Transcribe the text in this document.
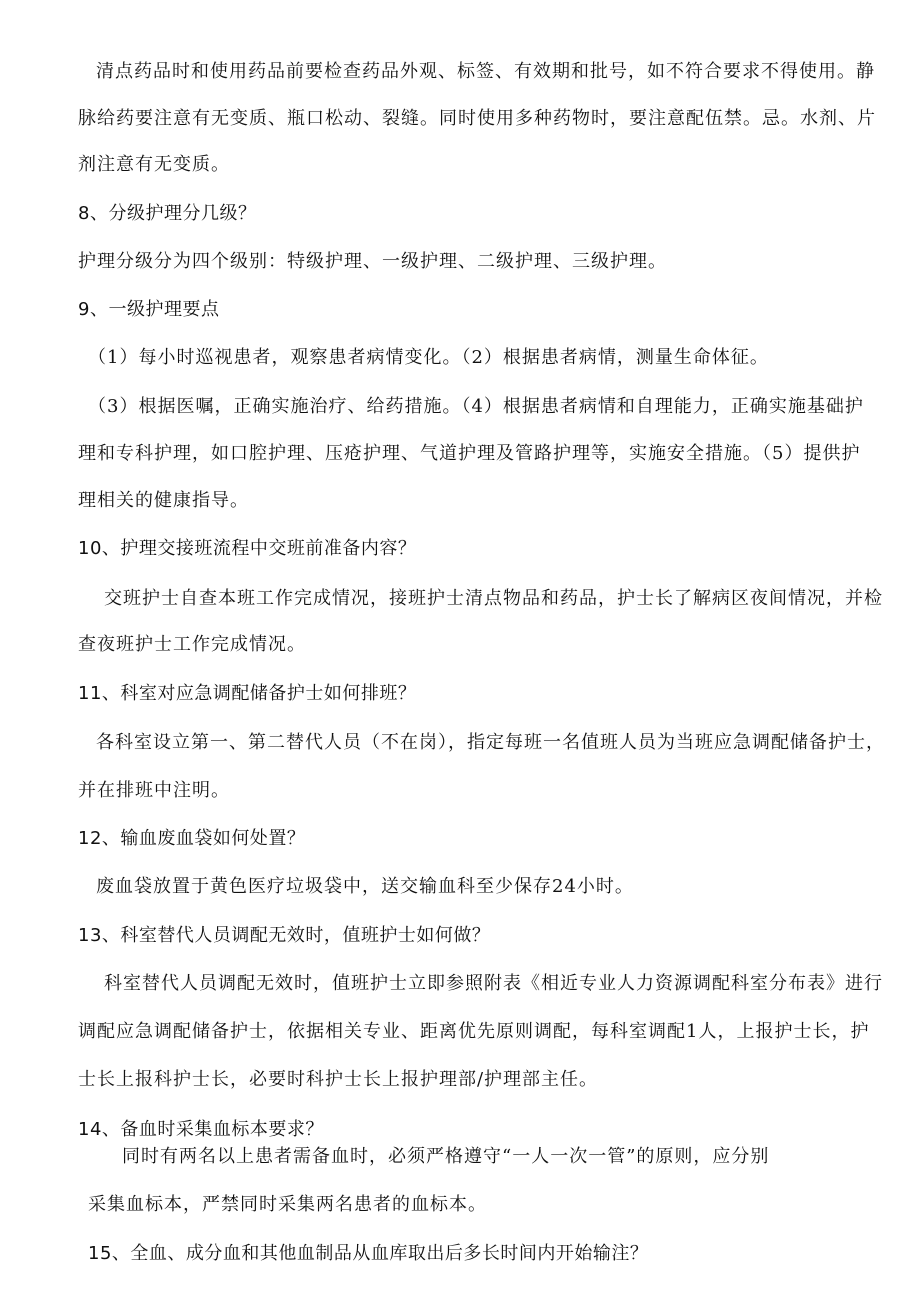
清点药品时和使用药品前要检查药品外观、标签、有效期和批号，如不符合要求不得使用。静
脉给药要注意有无变质、瓶口松动、裂缝。同时使用多种药物时，要注意配伍禁。忌。水剂、片
剂注意有无变质。
8、分级护理分几级？
护理分级分为四个级别：特级护理、一级护理、二级护理、三级护理。
9、一级护理要点
（1）每小时巡视患者，观察患者病情变化。（2）根据患者病情，测量生命体征。
（3）根据医嘱，正确实施治疗、给药措施。（4）根据患者病情和自理能力，正确实施基础护
理和专科护理，如口腔护理、压疮护理、气道护理及管路护理等，实施安全措施。（5）提供护
理相关的健康指导。
10、护理交接班流程中交班前准备内容？
交班护士自查本班工作完成情况，接班护士清点物品和药品，护士长了解病区夜间情况，并检
查夜班护士工作完成情况。
11、科室对应急调配储备护士如何排班？
各科室设立第一、第二替代人员（不在岗），指定每班一名值班人员为当班应急调配储备护士，
并在排班中注明。
12、输血废血袋如何处置？
废血袋放置于黄色医疗垃圾袋中，送交输血科至少保存24小时。
13、科室替代人员调配无效时，值班护士如何做？
科室替代人员调配无效时，值班护士立即参照附表《相近专业人力资源调配科室分布表》进行
调配应急调配储备护士，依据相关专业、距离优先原则调配，每科室调配1人，上报护士长，护
士长上报科护士长，必要时科护士长上报护理部/护理部主任。
14、备血时采集血标本要求？
同时有两名以上患者需备血时，必须严格遵守“一人一次一管”的原则，应分别
采集血标本，严禁同时采集两名患者的血标本。
15、全血、成分血和其他血制品从血库取出后多长时间内开始输注？
